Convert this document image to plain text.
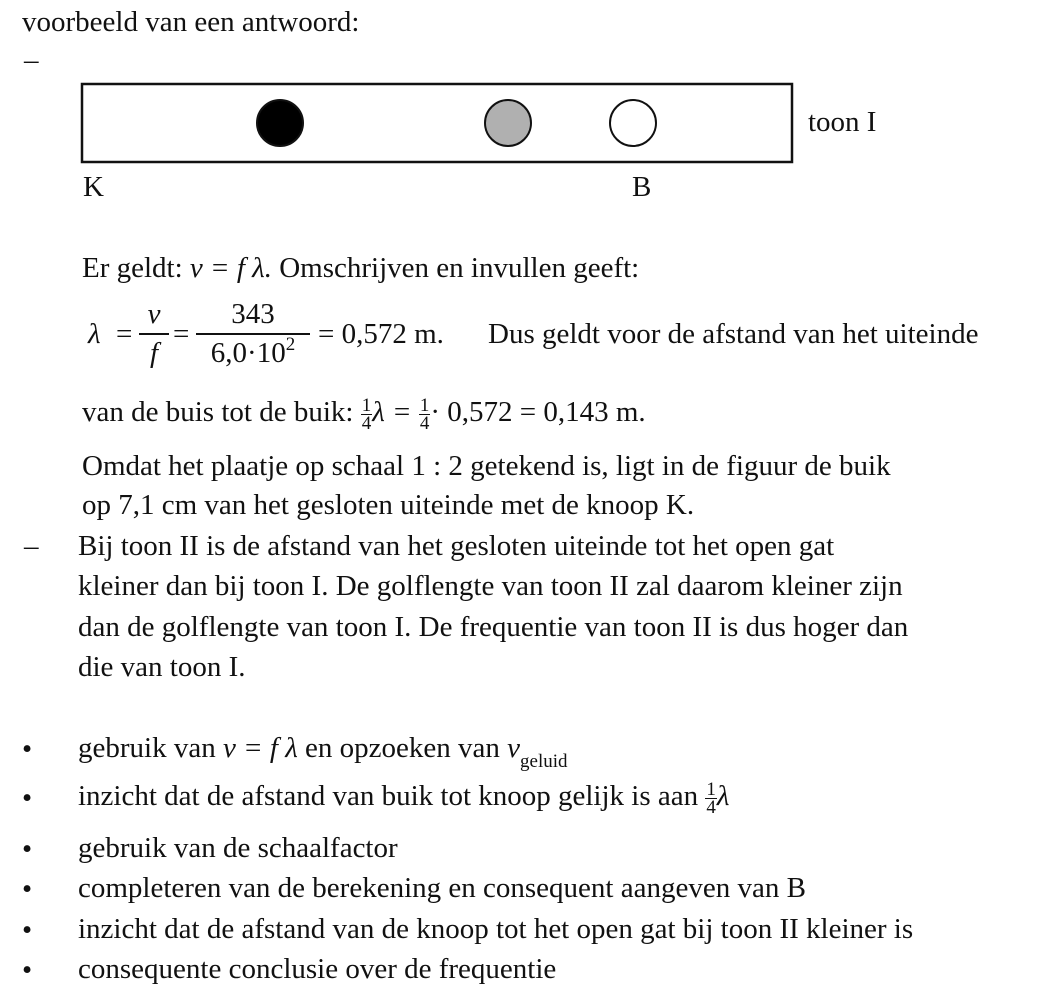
voorbeeld van een antwoord:
–
toon I
K	B
Er geldt: v = f λ. Omschrijven en invullen geeft:
λ =
v
f
=
343
$6,0\cdot 10^2 = 0,572$ m. Dus geldt voor de afstand van het uiteinde
van de buis tot de buik: $\frac{1}{4}$ $\lambda = \frac{1}{4} \cdot 0,572 = 0,143$ m.
Omdat het plaatje op schaal 1 : 2 getekend is, ligt in de figuur de buik
op 7,1 cm van het gesloten uiteinde met de knoop K.
– Bij toon II is de afstand van het gesloten uiteinde tot het open gat
kleiner dan bij toon I. De golflengte van toon II zal daarom kleiner zijn
dan de golflengte van toon I. De frequentie van toon II is dus hoger dan
die van toon I.
• gebruik van v = f λ en opzoeken van $v_{geluid}$
• inzicht dat de afstand van buik tot knoop gelijk is aan $\frac{1}{4}$ λ
• gebruik van de schaalfactor
• completeren van de berekening en consequent aangeven van B
• inzicht dat de afstand van de knoop tot het open gat bij toon II kleiner is
• consequente conclusie over de frequentie
